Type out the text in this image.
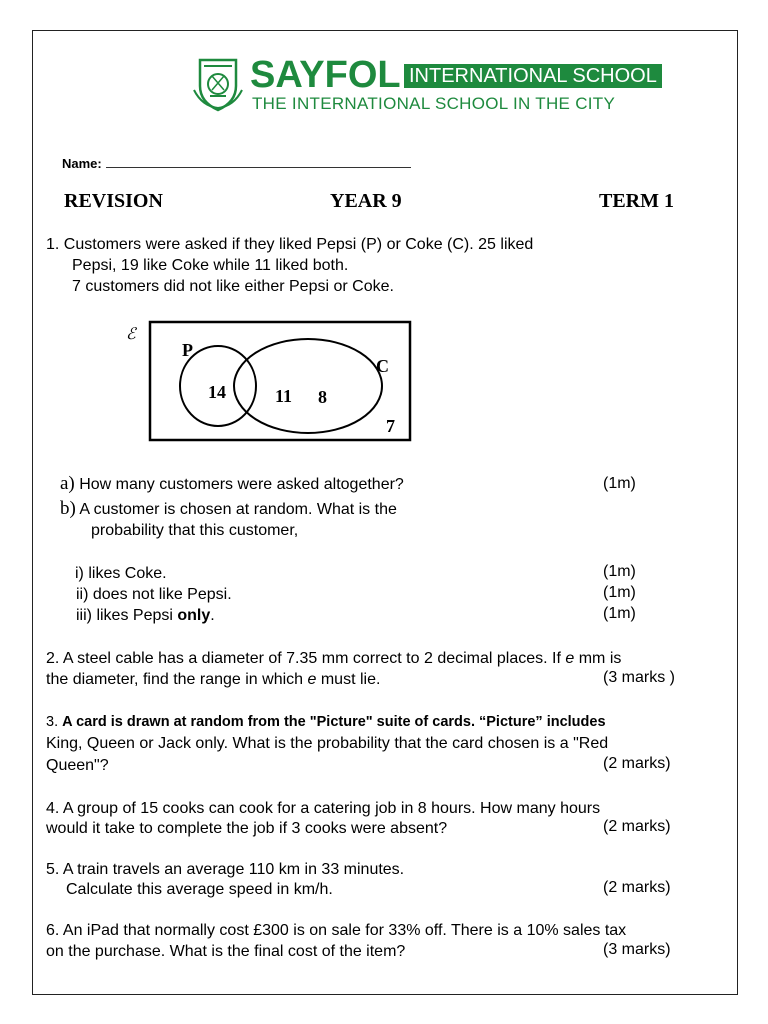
SAYFOL INTERNATIONAL SCHOOL
THE INTERNATIONAL SCHOOL IN THE CITY
Name:
REVISION	YEAR 9	TERM 1
1. Customers were asked if they liked Pepsi (P) or Coke (C). 25 liked
Pepsi, 19 like Coke while 11 liked both.
7 customers did not like either Pepsi or Coke.
ℰ
P
C
14	11 8
7
a) How many customers were asked altogether?	(1m)
b) A customer is chosen at random. What is the
probability that this customer,
i) likes Coke.	(1m)
ii) does not like Pepsi.	(1m)
iii) likes Pepsi only.	(1m)
2. A steel cable has a diameter of 7.35 mm correct to 2 decimal places. If e mm is
the diameter, find the range in which e must lie.	(3 marks )
3. A card is drawn at random from the "Picture" suite of cards. “Picture” includes
King, Queen or Jack only. What is the probability that the card chosen is a "Red
Queen"?	(2 marks)
4. A group of 15 cooks can cook for a catering job in 8 hours. How many hours
would it take to complete the job if 3 cooks were absent?	(2 marks)
5. A train travels an average 110 km in 33 minutes.
Calculate this average speed in km/h.	(2 marks)
6. An iPad that normally cost £300 is on sale for 33% off. There is a 10% sales tax
on the purchase. What is the final cost of the item?	(3 marks)
